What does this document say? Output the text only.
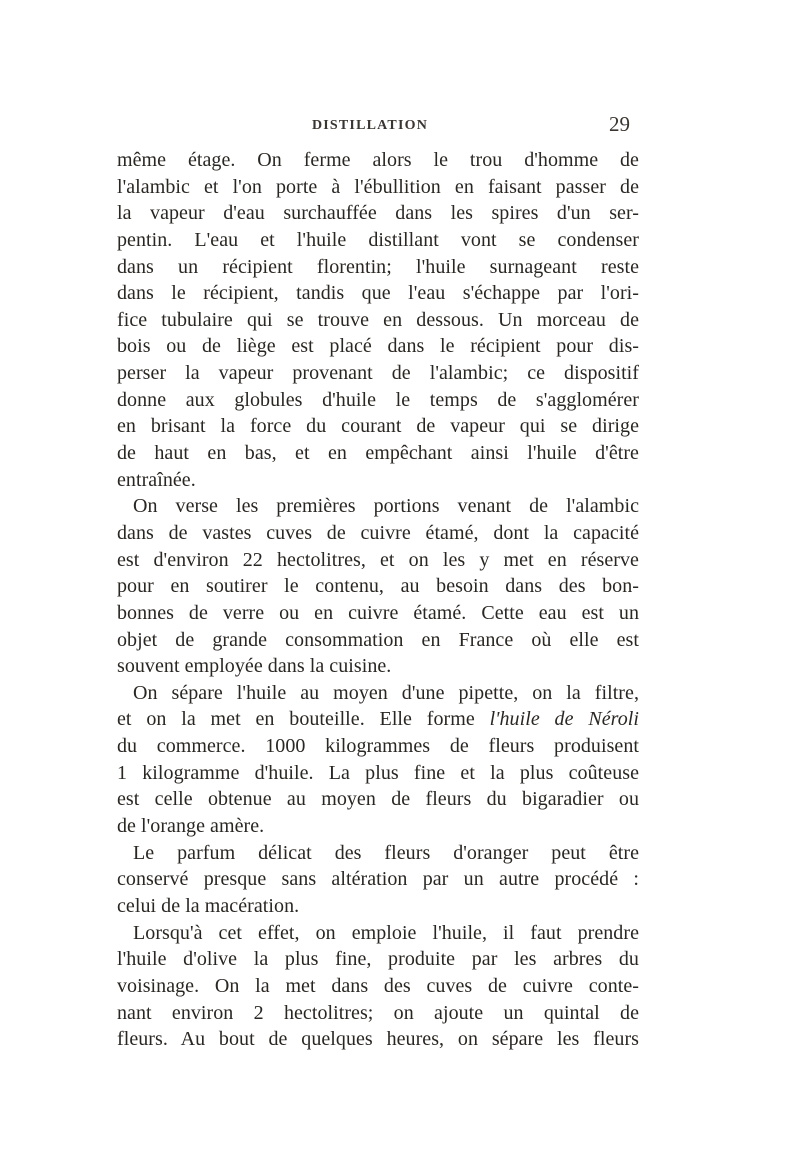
DISTILLATION	29
même étage. On ferme alors le trou d'homme de
l'alambic et l'on porte à l'ébullition en faisant passer de
la vapeur d'eau surchauffée dans les spires d'un ser-
pentin. L'eau et l'huile distillant vont se condenser
dans un récipient florentin; l'huile surnageant reste
dans le récipient, tandis que l'eau s'échappe par l'ori-
fice tubulaire qui se trouve en dessous. Un morceau de
bois ou de liège est placé dans le récipient pour dis-
perser la vapeur provenant de l'alambic; ce dispositif
donne aux globules d'huile le temps de s'agglomérer
en brisant la force du courant de vapeur qui se dirige
de haut en bas, et en empêchant ainsi l'huile d'être
entraînée.
On verse les premières portions venant de l'alambic
dans de vastes cuves de cuivre étamé, dont la capacité
est d'environ 22 hectolitres, et on les y met en réserve
pour en soutirer le contenu, au besoin dans des bon-
bonnes de verre ou en cuivre étamé. Cette eau est un
objet de grande consommation en France où elle est
souvent employée dans la cuisine.
On sépare l'huile au moyen d'une pipette, on la filtre,
et on la met en bouteille. Elle forme l'huile de Néroli
du commerce. 1000 kilogrammes de fleurs produisent
1 kilogramme d'huile. La plus fine et la plus coûteuse
est celle obtenue au moyen de fleurs du bigaradier ou
de l'orange amère.
Le parfum délicat des fleurs d'oranger peut être
conservé presque sans altération par un autre procédé :
celui de la macération.
Lorsqu'à cet effet, on emploie l'huile, il faut prendre
l'huile d'olive la plus fine, produite par les arbres du
voisinage. On la met dans des cuves de cuivre conte-
nant environ 2 hectolitres; on ajoute un quintal de
fleurs. Au bout de quelques heures, on sépare les fleurs
